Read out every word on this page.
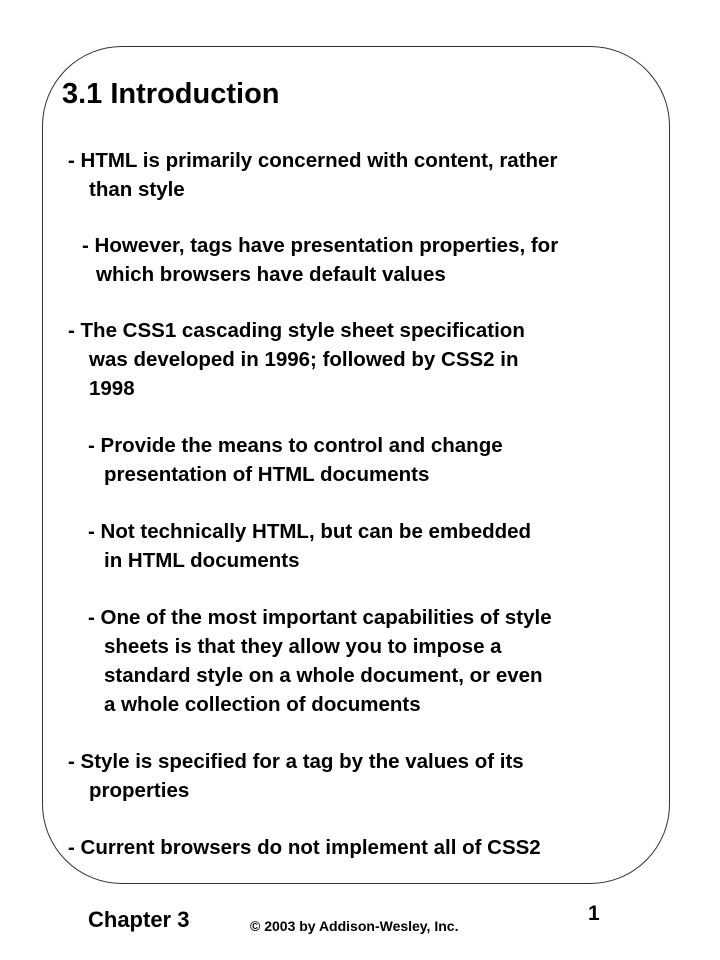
3.1 Introduction
- HTML is primarily concerned with content, rather
than style
- However, tags have presentation properties, for
which browsers have default values
- The CSS1 cascading style sheet specification
was developed in 1996; followed by CSS2 in
1998
- Provide the means to control and change
presentation of HTML documents
- Not technically HTML, but can be embedded
in HTML documents
- One of the most important capabilities of style
sheets is that they allow you to impose a
standard style on a whole document, or even
a whole collection of documents
- Style is specified for a tag by the values of its
properties
- Current browsers do not implement all of CSS2
Chapter 3	© 2003 by Addison-Wesley, Inc.
1
